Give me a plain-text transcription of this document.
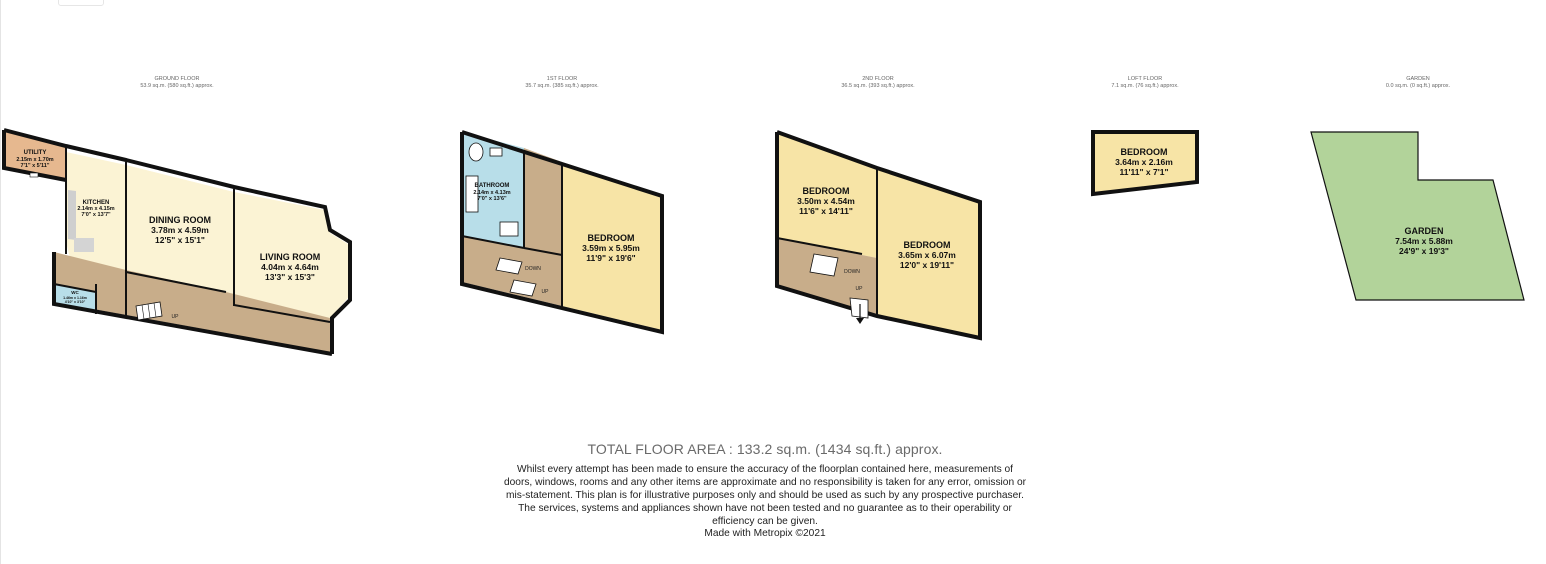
GROUND FLOOR
53.9 sq.m. (580 sq.ft.) approx.
1ST FLOOR
35.7 sq.m. (385 sq.ft.) approx.
2ND FLOOR
36.5 sq.m. (393 sq.ft.) approx.
LOFT FLOOR
7.1 sq.m. (76 sq.ft.) approx.
GARDEN
0.0 sq.m. (0 sq.ft.) approx.
UTILITY
2.15m x 1.70m
7'1" x 5'11"
KITCHEN
2.14m x 4.15m
7'0" x 13'7"	DINING ROOM
3.78m x 4.59m
12'5" x 15'1"
LIVING ROOM
4.04m x 4.64m
13'3" x 15'3"
WC
1.46m x 1.16m
4'10" x 3'10"
UP
BATHROOM
2.14m x 4.13m
7'0" x 13'6"
BEDROOM
3.59m x 5.95m
11'9" x 19'6"
DOWN
UP
BEDROOM
3.50m x 4.54m
11'6" x 14'11"
BEDROOM
3.65m x 6.07m
12'0" x 19'11"
DOWN
UP
BEDROOM
3.64m x 2.16m
11'11" x 7'1"
GARDEN
7.54m x 5.88m
24'9" x 19'3"
TOTAL FLOOR AREA : 133.2 sq.m. (1434 sq.ft.) approx.
Whilst every attempt has been made to ensure the accuracy of the floorplan contained here, measurements of doors, windows, rooms and any other items are approximate and no responsibility is taken for any error, omission or mis-statement. This plan is for illustrative purposes only and should be used as such by any prospective purchaser. The services, systems and appliances shown have not been tested and no guarantee as to their operability or efficiency can be given.
Made with Metropix ©2021
